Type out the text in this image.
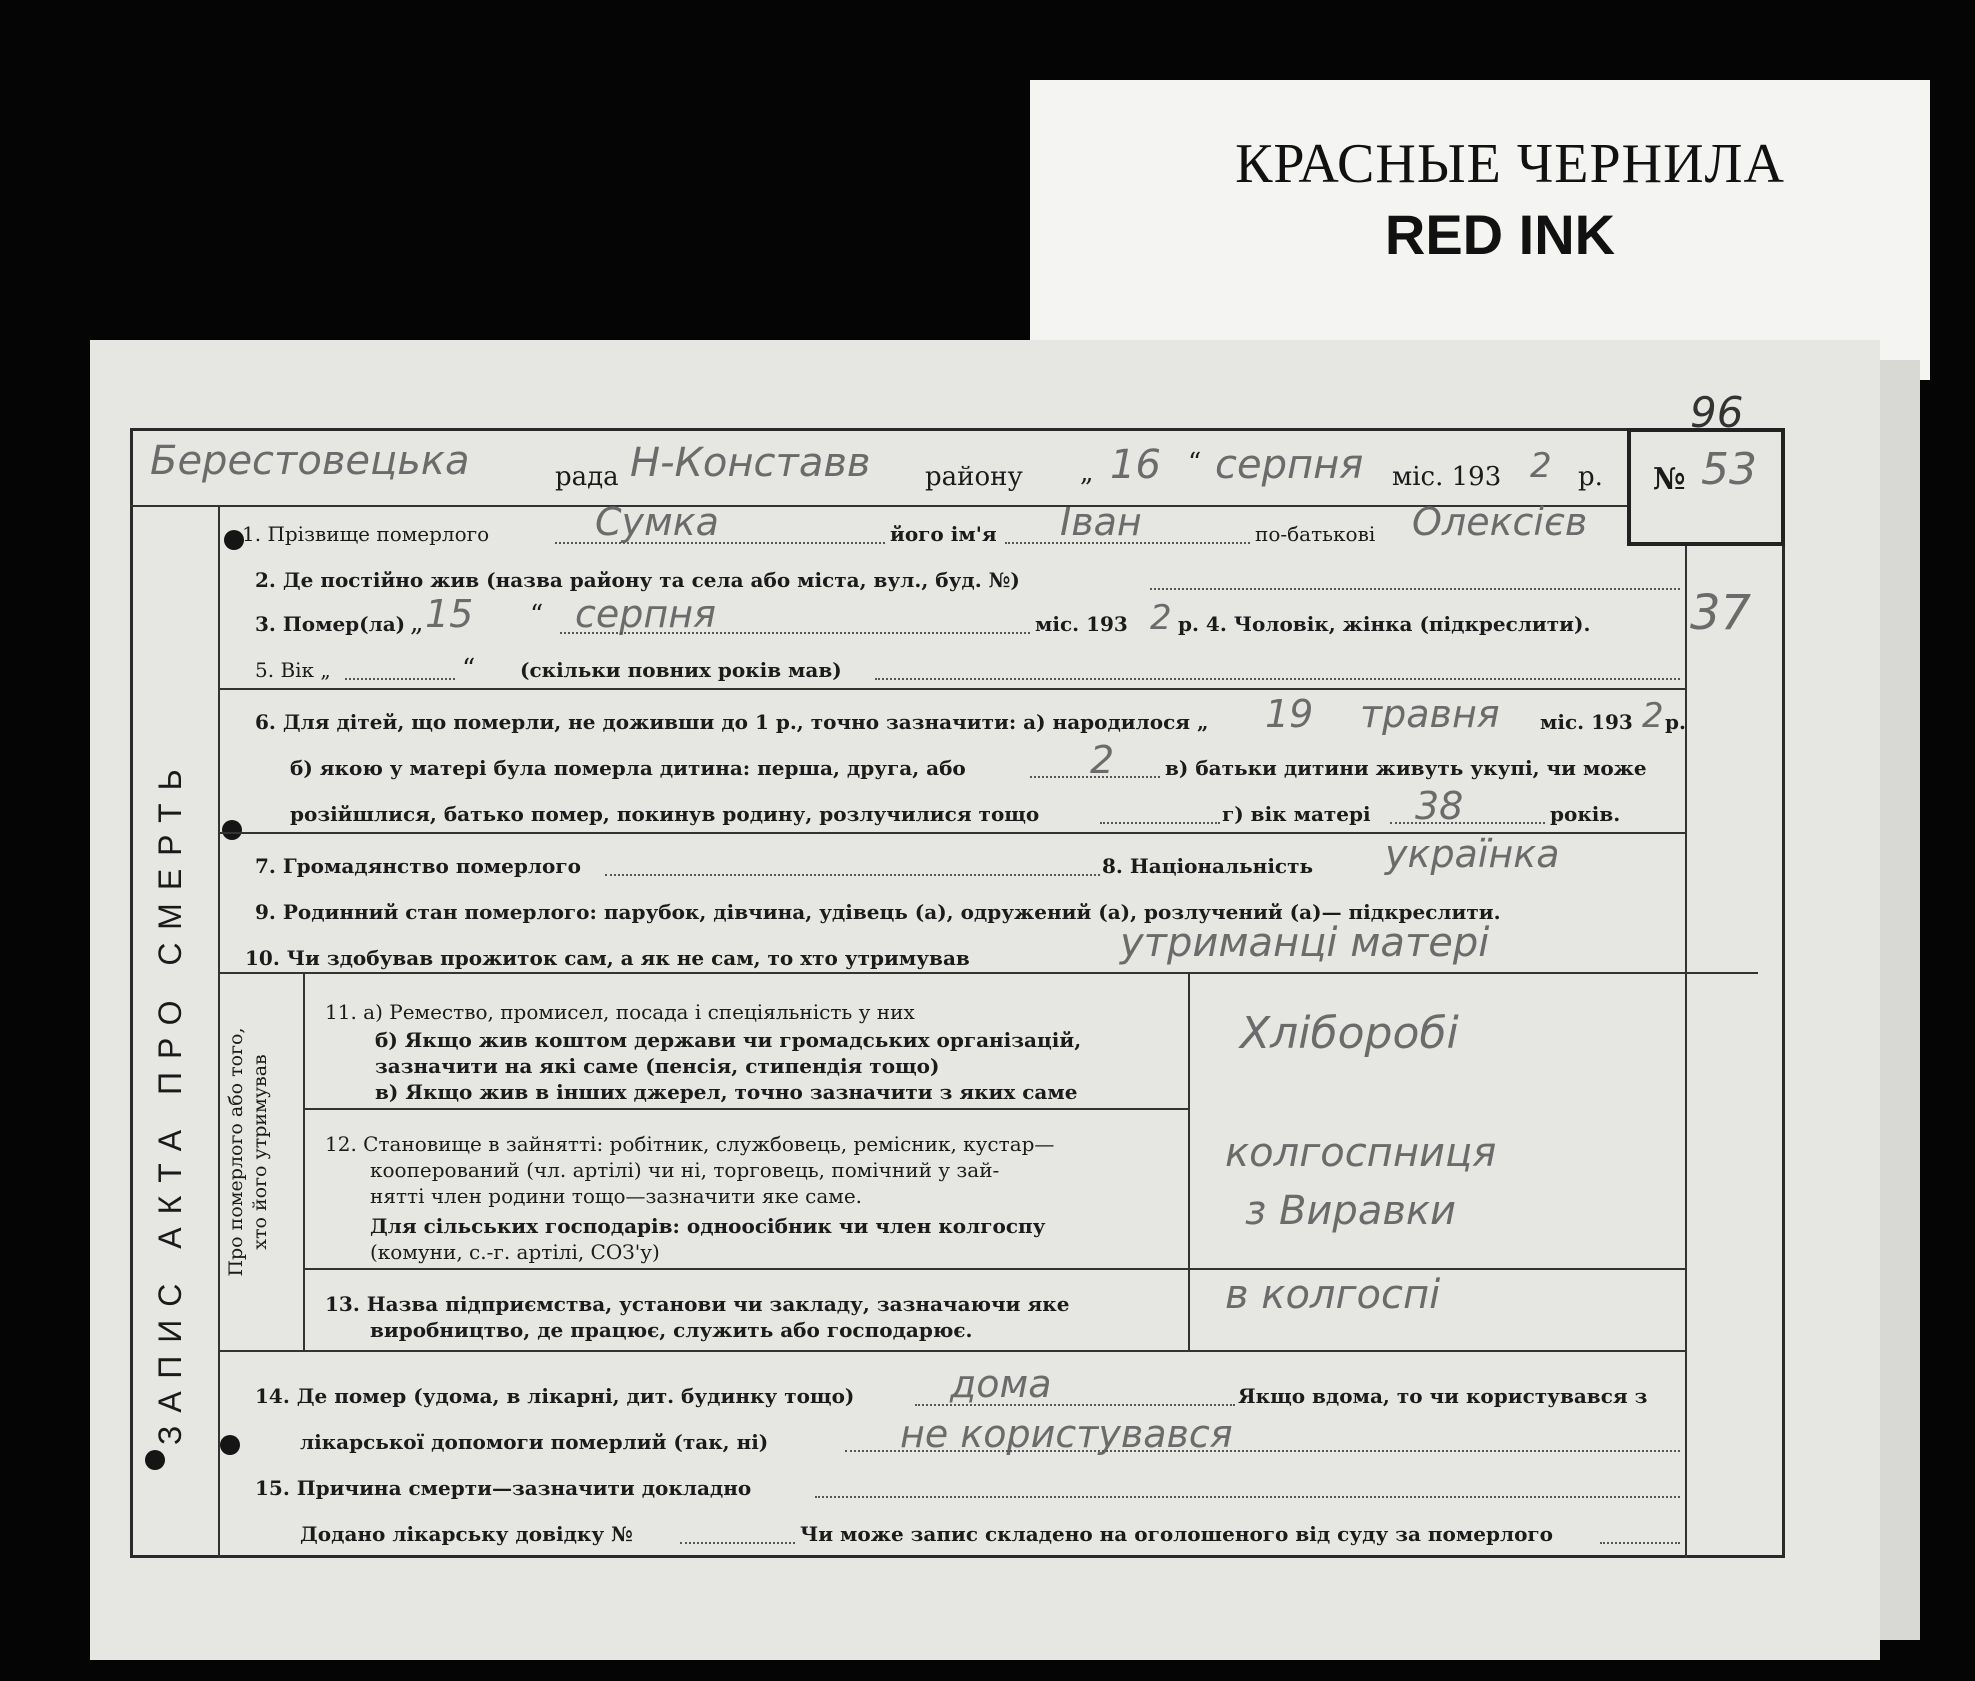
КРАСНЫЕ ЧЕРНИЛА
RED INK
96
№ 53
ЗАПИС АКТА ПРО СМЕРТЬ
Берестовецька	рада Н-Конставв району „ 16 “ серпня міс. 193 2 р.
1. Прізвище померлого	Сумка	його ім'я Іван	по-батькові Олексієв
37
2. Де постійно жив (назва району та села або міста, вул., буд. №)
3. Помер(ла) „ 15 “ серпня	міс. 193 2 р. 4. Чоловік, жінка (підкреслити).
5. Вік „	“ (скільки повних років мав)
6. Для дітей, що померли, не доживши до 1 р., точно зазначити: а) народилося „ 19 травня міс. 193 2 р.
б) якою у матері була померла дитина: перша, друга, або	2	в) батьки дитини живуть укупі, чи може
розійшлися, батько помер, покинув родину, розлучилися тощо	г) вік матері 38	років.
7. Громадянство померлого	8. Національність українка
9. Родинний стан померлого: парубок, дівчина, удівець (а), одружений (а), розлучений (а)— підкреслити.
10. Чи здобував прожиток сам, а як не сам, то хто утримував	утриманці матері
Про померлого або того, хто його утримував
11. а) Ремество, промисел, посада і спеціяльність у них
б) Якщо жив коштом держави чи громадських організацій,
зазначити на які саме (пенсія, стипендія тощо)
в) Якщо жив в інших джерел, точно зазначити з яких саме
Хліборобі
12. Становище в зайнятті: робітник, службовець, ремісник, кустар—
кооперований (чл. артілі) чи ні, торговець, помічний у зай-
нятті член родини тощо—зазначити яке саме.
Для сільських господарів: одноосібник чи член колгоспу
(комуни, с.-г. артілі, СОЗ'у)
колгоспниця
з Виравки
13. Назва підприємства, установи чи закладу, зазначаючи яке
виробництво, де працює, служить або господарює.
в колгоспі
14. Де помер (удома, в лікарні, дит. будинку тощо)	дома	Якщо вдома, то чи користувався з
лікарської допомоги померлий (так, ні)	не користувався
15. Причина смерти—зазначити докладно
Додано лікарську довідку №	Чи може запис складено на оголошеного від суду за померлого
